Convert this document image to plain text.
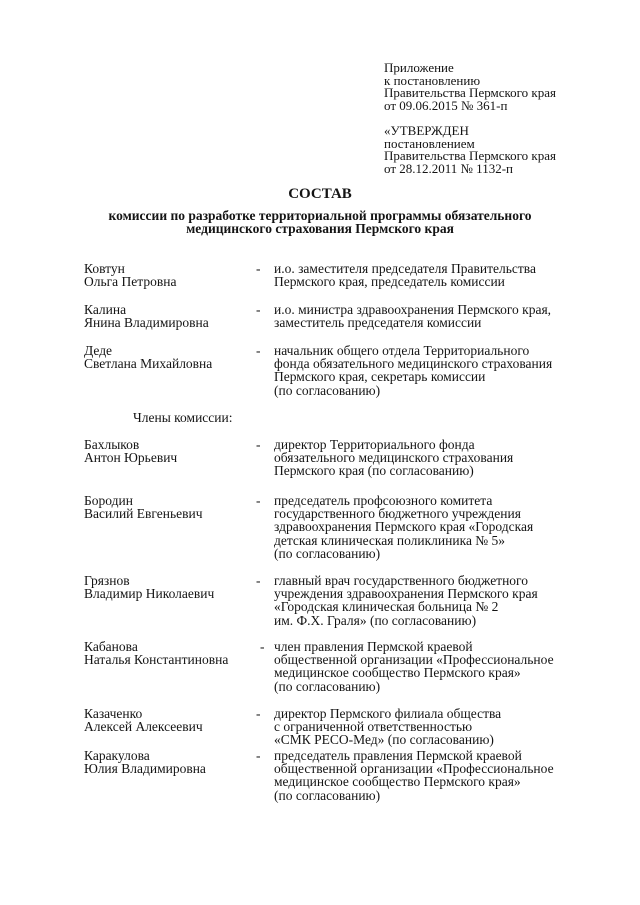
Приложение
к постановлению
Правительства Пермского края
от 09.06.2015 № 361-п
«УТВЕРЖДЕН
постановлением
Правительства Пермского края
от 28.12.2011 № 1132-п
СОСТАВ
комиссии по разработке территориальной программы обязательного
медицинского страхования Пермского края
Ковтун
Ольга Петровна
- и.о. заместителя председателя Правительства
Пермского края, председатель комиссии
Калина
Янина Владимировна
- и.о. министра здравоохранения Пермского края,
заместитель председателя комиссии
Деде
Светлана Михайловна
- начальник общего отдела Территориального
фонда обязательного медицинского страхования
Пермского края, секретарь комиссии
(по согласованию)
Члены комиссии:
Бахлыков
Антон Юрьевич
- директор Территориального фонда
обязательного медицинского страхования
Пермского края (по согласованию)
Бородин
Василий Евгеньевич
- председатель профсоюзного комитета
государственного бюджетного учреждения
здравоохранения Пермского края «Городская
детская клиническая поликлиника № 5»
(по согласованию)
Грязнов
Владимир Николаевич
- главный врач государственного бюджетного
учреждения здравоохранения Пермского края
«Городская клиническая больница № 2
им. Ф.Х. Граля» (по согласованию)
Кабанова
Наталья Константиновна
- член правления Пермской краевой
общественной организации «Профессиональное
медицинское сообщество Пермского края»
(по согласованию)
Казаченко
Алексей Алексеевич
- директор Пермского филиала общества
с ограниченной ответственностью
«СМК РЕСО-Мед» (по согласованию)
Каракулова
Юлия Владимировна
- председатель правления Пермской краевой
общественной организации «Профессиональное
медицинское сообщество Пермского края»
(по согласованию)
